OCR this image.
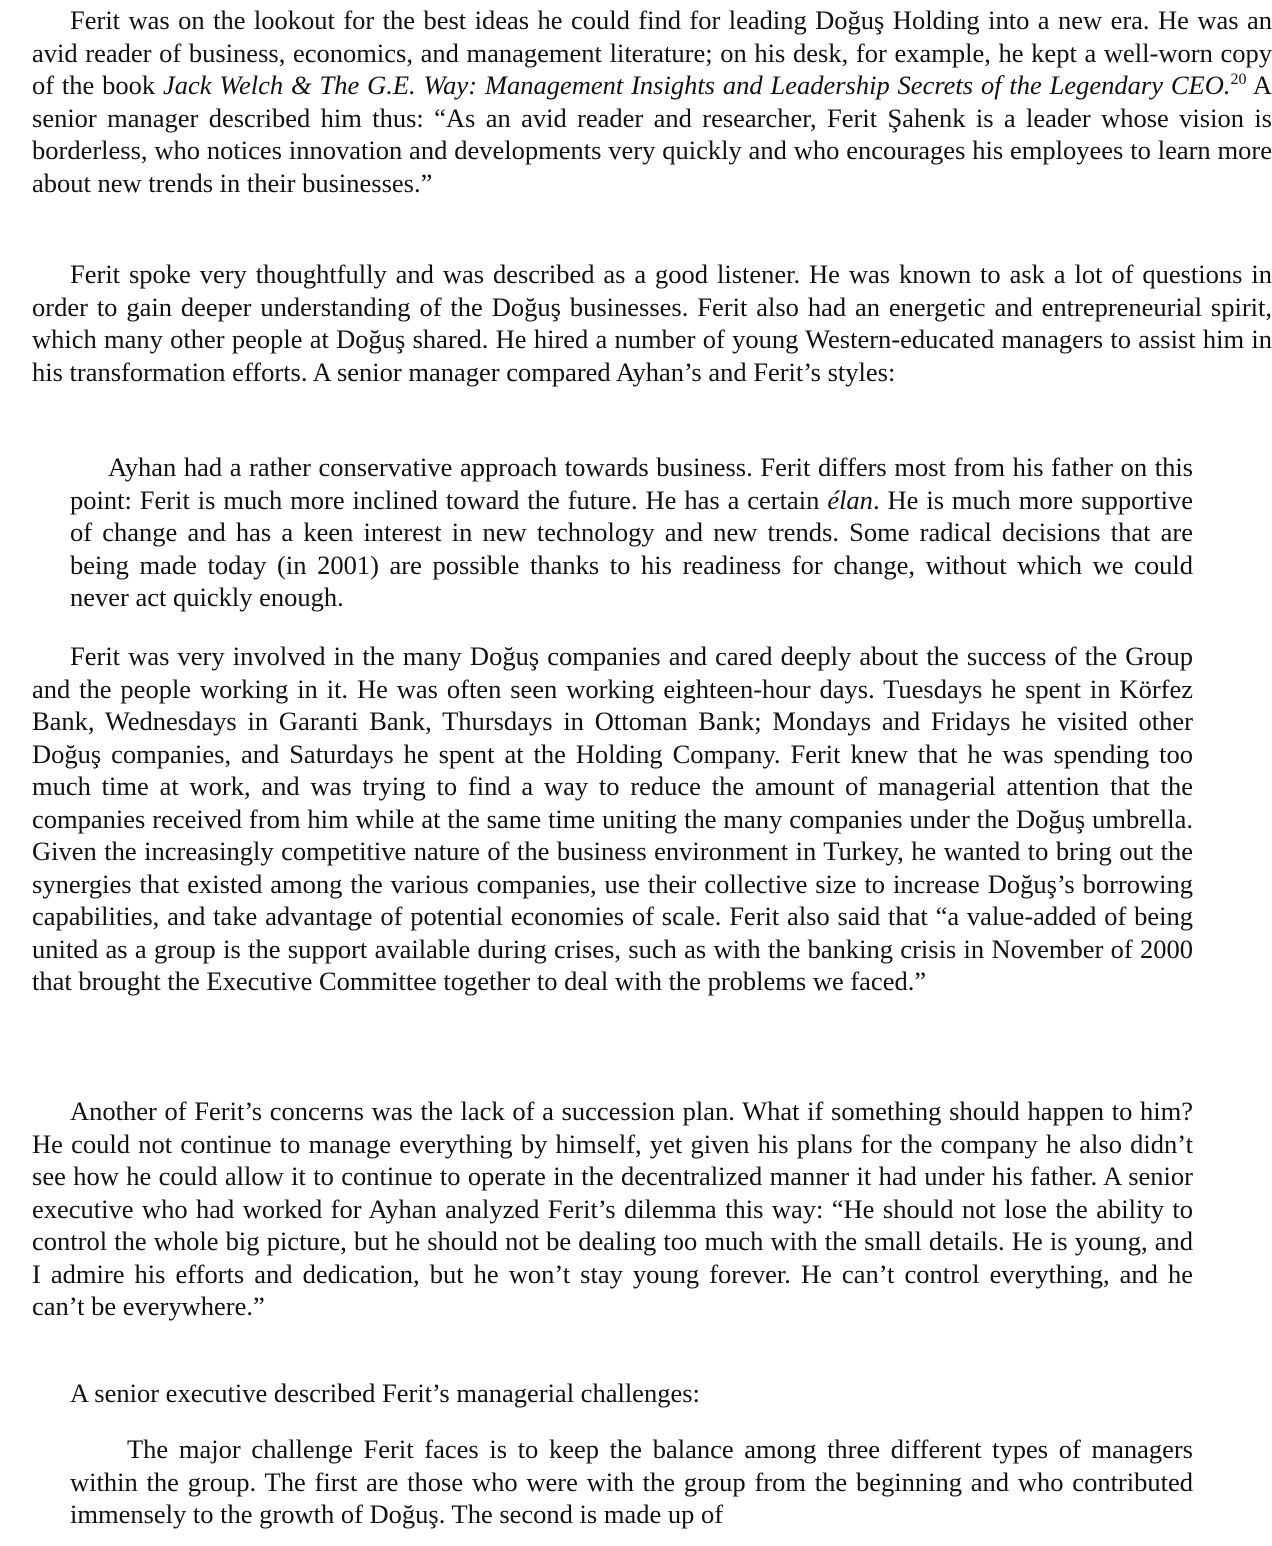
Ferit was on the lookout for the best ideas he could find for leading Doğuş Holding into a new era. He was an avid reader of business, economics, and management literature; on his desk, for example, he kept a well-worn copy of the book Jack Welch & The G.E. Way: Management Insights and Leadership Secrets of the Legendary CEO.$^{20}$ A senior manager described him thus: “As an avid reader and researcher, Ferit Şahenk is a leader whose vision is borderless, who notices innovation and developments very quickly and who encourages his employees to learn more about new trends in their businesses.”

Ferit spoke very thoughtfully and was described as a good listener. He was known to ask a lot of questions in order to gain deeper understanding of the Doğuş businesses. Ferit also had an energetic and entrepreneurial spirit, which many other people at Doğuş shared. He hired a number of young Western-educated managers to assist him in his transformation efforts. A senior manager compared Ayhan’s and Ferit’s styles:

Ayhan had a rather conservative approach towards business. Ferit differs most from his father on this point: Ferit is much more inclined toward the future. He has a certain élan. He is much more supportive of change and has a keen interest in new technology and new trends. Some radical decisions that are being made today (in 2001) are possible thanks to his readiness for change, without which we could never act quickly enough.

Ferit was very involved in the many Doğuş companies and cared deeply about the success of the Group and the people working in it. He was often seen working eighteen-hour days. Tuesdays he spent in Körfez Bank, Wednesdays in Garanti Bank, Thursdays in Ottoman Bank; Mondays and Fridays he visited other Doğuş companies, and Saturdays he spent at the Holding Company. Ferit knew that he was spending too much time at work, and was trying to find a way to reduce the amount of managerial attention that the companies received from him while at the same time uniting the many companies under the Doğuş umbrella. Given the increasingly competitive nature of the business environment in Turkey, he wanted to bring out the synergies that existed among the various companies, use their collective size to increase Doğuş’s borrowing capabilities, and take advantage of potential economies of scale. Ferit also said that “a value-added of being united as a group is the support available during crises, such as with the banking crisis in November of 2000 that brought the Executive Committee together to deal with the problems we faced.”

Another of Ferit’s concerns was the lack of a succession plan. What if something should happen to him? He could not continue to manage everything by himself, yet given his plans for the company he also didn’t see how he could allow it to continue to operate in the decentralized manner it had under his father. A senior executive who had worked for Ayhan analyzed Ferit’s dilemma this way: “He should not lose the ability to control the whole big picture, but he should not be dealing too much with the small details. He is young, and I admire his efforts and dedication, but he won’t stay young forever. He can’t control everything, and he can’t be everywhere.”

A senior executive described Ferit’s managerial challenges:

The major challenge Ferit faces is to keep the balance among three different types of managers within the group. The first are those who were with the group from the beginning and who contributed immensely to the growth of Doğuş. The second is made up of
